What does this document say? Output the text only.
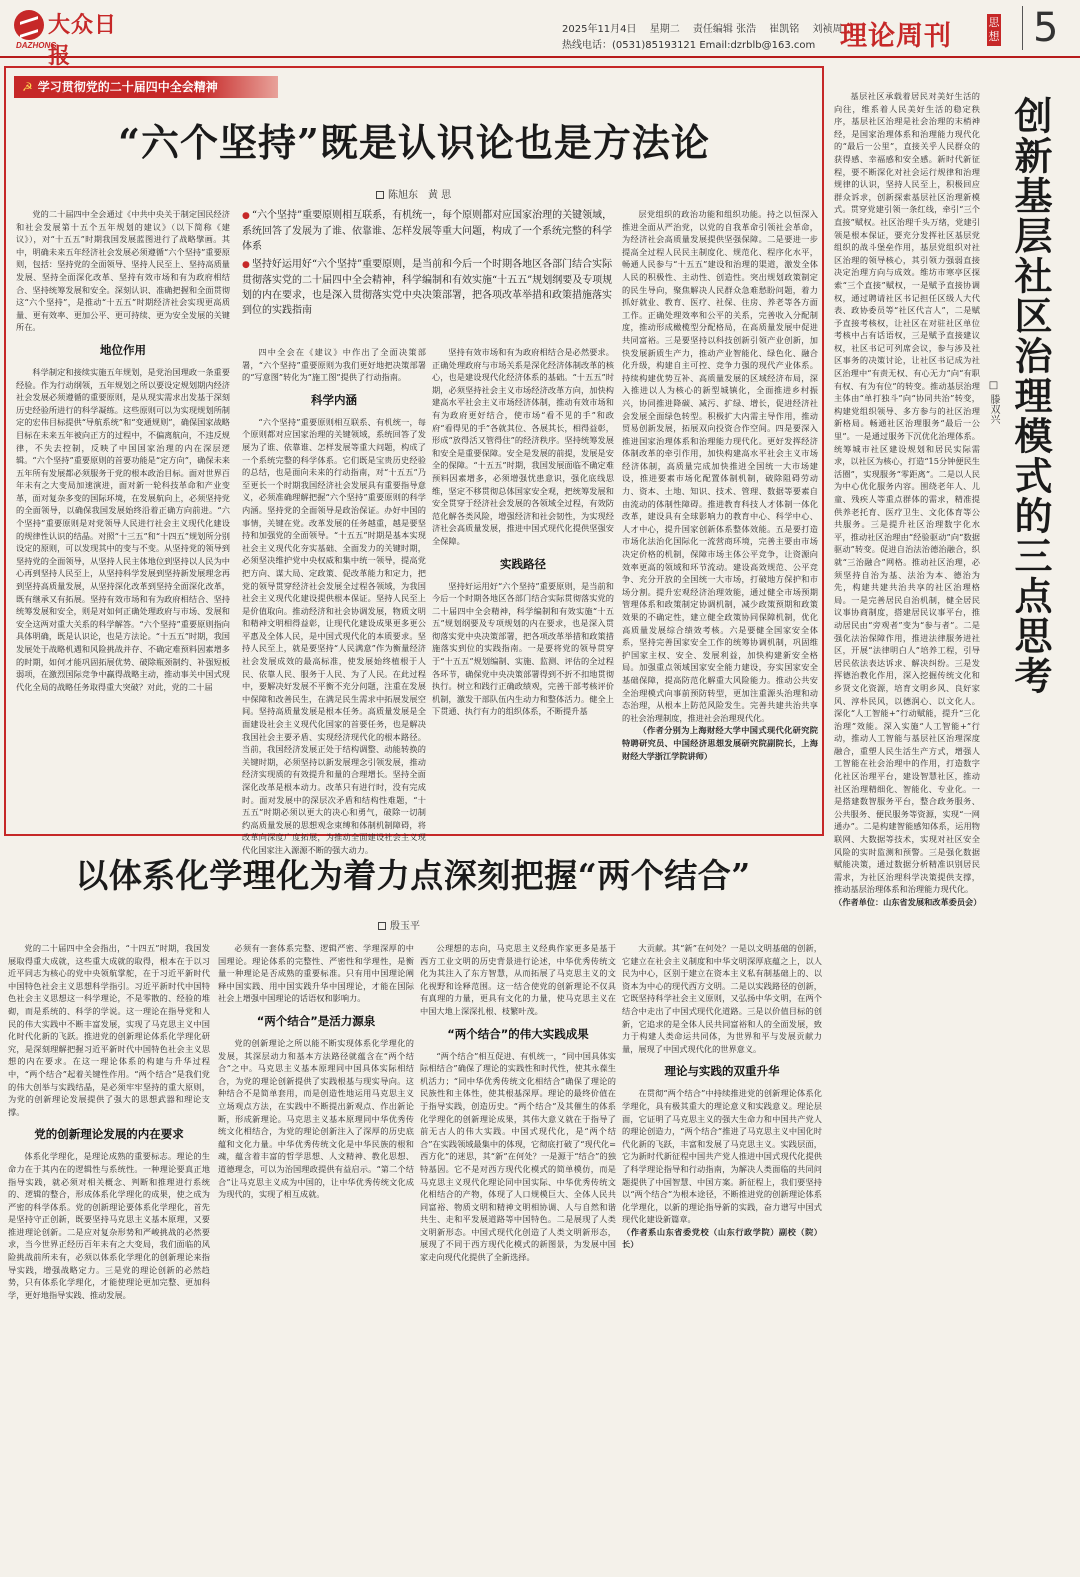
大众日报
DAZHONG
2025年11月4日 星期二 责任编辑 张浩 崔凯铭 刘祯周
热线电话：(0531)85193121 Email:dzrblb@163.com 理论周刊	思想 5
☭ 学习贯彻党的二十届四中全会精神
“六个坚持”既是认识论也是方法论
陈旭东　黄 思

● “六个坚持”重要原则相互联系，有机统一，每个原则都对应国家治理的关键领域，系统回答了发展为了谁、依靠谁、怎样发展等重大问题，构成了一个系统完整的科学体系

● 坚持好运用好“六个坚持”重要原则，是当前和今后一个时期各地区各部门结合实际贯彻落实党的二十届四中全会精神，科学编制和有效实施“十五五”规划纲要及专项规划的内在要求，也是深入贯彻落实党中央决策部署，把各项改革举措和政策措施落实到位的实践指南

党的二十届四中全会通过《中共中央关于制定国民经济和社会发展第十五个五年规划的建议》（以下简称《建议》），对“十五五”时期我国发展蓝图进行了战略擘画。其中，明确未来五年经济社会发展必须遵循“六个坚持”重要原则，包括：坚持党的全面领导、坚持人民至上、坚持高质量发展、坚持全面深化改革、坚持有效市场和有为政府相结合、坚持统筹发展和安全。深刻认识、准确把握和全面贯彻这“六个坚持”，是推动“十五五”时期经济社会实现更高质量、更有效率、更加公平、更可持续、更为安全发展的关键所在。

地位作用

科学制定和接续实施五年规划，是党治国理政一条重要经验。作为行动纲领，五年规划之所以要设定规划期内经济社会发展必须遵循的重要原则，是从现实需求出发基于深刻历史经验所进行的科学凝练。这些原则可以为实现规划所制定的宏伟目标提供“导航系统”和“变通规则”，确保国家战略目标在未来五年被向正方的过程中，不偏离航向，不违反规律，不失去控制，反映了中国国家治理的内在深层逻辑。“六个坚持”重要原则的首要功能是“定方向”，确保未来五年所有发展都必须服务于党的根本政治目标。面对世界百年未有之大变局加速演进，面对新一轮科技革命和产业变革，面对复杂多变的国际环境，在发展航向上，必须坚持党的全面领导，以确保我国发展始终沿着正确方向前进。“六个坚持”重要原则是对党领导人民进行社会主义现代化建设的规律性认识的结晶。对照“十三五”和“十四五”规划所分别设定的原则，可以发现其中的变与不变。从坚持党的领导到坚持党的全面领导，从坚持人民主体地位到坚持以人民为中心再到坚持人民至上，从坚持科学发展到坚持新发展理念再到坚持高质量发展，从坚持深化改革到坚持全面深化改革，既有继承又有拓展。坚持有效市场和有为政府相结合、坚持统筹发展和安全，则是对如何正确处理政府与市场、发展和安全这两对重大关系的科学解答。“六个坚持”重要原则指向具体明确，既是认识论，也是方法论。“十五五”时期，我国发展处于战略机遇和风险挑战并存、不确定难预料因素增多的时期，如何才能巩固拓展优势、破除瓶颈制约、补强短板弱项，在激烈国际竞争中赢得战略主动，推动事关中国式现代化全局的战略任务取得重大突破？对此，党的二十届

四中全会在《建议》中作出了全面决策部署，“六个坚持”重要原则为我们更好地把决策部署的“写意图”转化为“施工图”提供了行动指南。

科学内涵

“六个坚持”重要原则相互联系、有机统一，每个原则都对应国家治理的关键领域，系统回答了发展为了谁、依靠谁、怎样发展等重大问题，构成了一个系统完整的科学体系。它们既是宝贵历史经验的总结，也是面向未来的行动指南，对“十五五”乃至更长一个时期我国经济社会发展具有重要指导意义，必须准确理解把握“六个坚持”重要原则的科学内涵。坚持党的全面领导是政治保证。办好中国的事情，关键在党。改革发展的任务越重，越是要坚持和加强党的全面领导。“十五五”时期是基本实现社会主义现代化夯实基础、全面发力的关键时期，必须坚决维护党中央权威和集中统一领导，提高党把方向、谋大局、定政策、促改革能力和定力，把党的领导贯穿经济社会发展全过程各领域，为我国社会主义现代化建设提供根本保证。坚持人民至上是价值取向。推动经济和社会协调发展，物质文明和精神文明相得益彰，让现代化建设成果更多更公平惠及全体人民，是中国式现代化的本质要求。坚持人民至上，就是要坚持“人民满意”作为衡量经济社会发展成效的最高标准，使发展始终植根于人民、依靠人民、服务于人民、为了人民。在此过程中，要解决好发展不平衡不充分问题，注重在发展中保障和改善民生，在满足民生需求中拓展发展空间。坚持高质量发展是根本任务。高质量发展是全面建设社会主义现代化国家的首要任务，也是解决我国社会主要矛盾、实现经济现代化的根本路径。当前，我国经济发展正处于结构调整、动能转换的关键时期，必须坚持以新发展理念引领发展，推动经济实现质的有效提升和量的合理增长。坚持全面深化改革是根本动力。改革只有进行时，没有完成时。面对发展中的深层次矛盾和结构性难题，“十五五”时期必须以更大的决心和勇气，破除一切制约高质量发展的思想观念束缚和体制机制障碍，将改革向深度广度拓展，为推动全面建设社会主义现代化国家注入源源不断的强大动力。

坚持有效市场和有为政府相结合是必然要求。正确处理政府与市场关系是深化经济体制改革的核心，也是建设现代化经济体系的基础。“十五五”时期，必须坚持社会主义市场经济改革方向，加快构建高水平社会主义市场经济体制，推动有效市场和有为政府更好结合，使市场“看不见的手”和政府“看得见的手”各就其位、各展其长，相得益彰，形成“放得活又管得住”的经济秩序。坚持统筹发展和安全是重要保障。安全是发展的前提，发展是安全的保障。“十五五”时期，我国发展面临不确定难预料因素增多，必须增强忧患意识，强化底线思维，坚定不移贯彻总体国家安全观，把统筹发展和安全贯穿于经济社会发展的各领域全过程，有效防范化解各类风险，增强经济和社会韧性，为实现经济社会高质量发展，推进中国式现代化提供坚强安全保障。

实践路径

坚持好运用好“六个坚持”重要原则，是当前和今后一个时期各地区各部门结合实际贯彻落实党的二十届四中全会精神，科学编制和有效实施“十五五”规划纲要及专项规划的内在要求，也是深入贯彻落实党中央决策部署，把各项改革举措和政策措施落实到位的实践指南。一是要将党的领导贯穿于“十五五”规划编制、实施、监测、评估的全过程各环节，确保党中央决策部署得到不折不扣地贯彻执行。树立和践行正确政绩观，完善干部考核评价机制，激发干部队伍内生动力和整体活力。健全上下贯通、执行有力的组织体系，不断提升基

层党组织的政治功能和组织功能。持之以恒深入推进全面从严治党，以党的自我革命引领社会革命，为经济社会高质量发展提供坚强保障。二是要进一步提高全过程人民民主制度化、规范化、程序化水平，畅通人民参与“十五五”建设和治理的渠道，激发全体人民的积极性、主动性、创造性。突出规划政策制定的民生导向，聚焦解决人民群众急难愁盼问题，着力抓好就业、教育、医疗、社保、住房、养老等各方面工作。正确处理效率和公平的关系，完善收入分配制度，推动形成橄榄型分配格局，在高质量发展中促进共同富裕。三是要坚持以科技创新引领产业创新，加快发展新质生产力，推动产业智能化、绿色化、融合化升级，构建自主可控、竞争力强的现代产业体系。持续构建优势互补、高质量发展的区域经济布局，深入推进以人为核心的新型城镇化，全面推进乡村振兴，协同推进降碳、减污、扩绿、增长，促进经济社会发展全面绿色转型。积极扩大内需主导作用，推动贸易创新发展，拓展双向投资合作空间。四是要深入推进国家治理体系和治理能力现代化。更好发挥经济体制改革的牵引作用，加快构建高水平社会主义市场经济体制，高质量完成加快推进全国统一大市场建设，推进要素市场化配置体制机制，破除阻碍劳动力、资本、土地、知识、技术、管理、数据等要素自由流动的体制性障碍。推进教育科技人才体制一体化改革，建设具有全球影响力的教育中心、科学中心、人才中心，提升国家创新体系整体效能。五是要打造市场化法治化国际化一流营商环境，完善主要由市场决定价格的机制，保障市场主体公平竞争，让资源向效率更高的领域和环节流动。建设高效规范、公平竞争、充分开放的全国统一大市场，打破地方保护和市场分割。提升宏观经济治理效能，通过健全市场预期管理体系和政策制定协调机制，减少政策预期和政策效果的不确定性，建立健全政策协同保障机制，优化高质量发展综合绩效考核。六是要健全国家安全体系，坚持完善国家安全工作的统筹协调机制，巩固维护国家主权、安全、发展利益，加快构建新安全格局。加强重点领域国家安全能力建设，夯实国家安全基础保障，提高防范化解重大风险能力。推动公共安全治理模式向事前预防转型，更加注重源头治理和动态治理，从根本上防范风险发生。完善共建共治共享的社会治理制度，推进社会治理现代化。

（作者分别为上海财经大学中国式现代化研究院特聘研究员、中国经济思想发展研究院副院长，上海财经大学浙江学院讲师）

基层社区承载着居民对美好生活的向往，维系着人民美好生活的稳定秩序，基层社区治理是社会治理的末梢神经，是国家治理体系和治理能力现代化的“最后一公里”，直接关乎人民群众的获得感、幸福感和安全感。新时代新征程，要不断深化对社会运行规律和治理规律的认识，坚持人民至上，积极回应群众诉求，创新探索基层社区治理新模式。贯穿党建引领一条红线，牵引“三个直接”赋权。社区治理千头万绪，党建引领是根本保证，要充分发挥社区基层党组织的战斗堡垒作用，基层党组织对社区治理的领导核心，其引领力强弱直接决定治理方向与成效。维坊市寒亭区探索“三个直接”赋权，一是赋予直接协调权，通过聘请社区书记担任区级人大代表、政协委员等“社区代言人”，二是赋予直接考核权，让社区在对驻社区单位考核中占有话语权，三是赋予直接建议权，社区书记可列席会议，参与涉及社区事务的决策讨论，让社区书记成为社区治理中“有责无权、有心无力”向“有职有权、有为有位”的转变。推动基层治理主体由“单打独斗”向“协同共治”转变，构建党组织领导、多方参与的社区治理新格局。畅通社区治理服务“最后一公里”。一是通过服务下沉优化治理体系。统筹城市社区建设规划和居民实际需求，以社区为核心，打造“15分钟便民生活圈”，实现服务“零距离”。二是以人民为中心优化服务内容。围绕老年人、儿童、残疾人等重点群体的需求，精准提供养老托育、医疗卫生、文化体育等公共服务。三是提升社区治理数字化水平，推动社区治理由“经验驱动”向“数据驱动”转变。促进自治法治德治融合，织就“三治融合”网格。推动社区治理，必须坚持自治为基、法治为本、德治为先，构建共建共治共享的社区治理格局。一是完善居民自治机制，健全居民议事协商制度，搭建居民议事平台，推动居民由“旁观者”变为“参与者”。二是强化法治保障作用，推进法律服务进社区，开展“法律明白人”培养工程，引导居民依法表达诉求、解决纠纷。三是发挥德治教化作用，深入挖掘传统文化和乡贤文化资源，培育文明乡风、良好家风、淳朴民风，以德润心、以文化人。深化“人工智能+”行动赋能，提升“三化治理”效能。深入实施“人工智能+”行动，推动人工智能与基层社区治理深度融合，重塑人民生活生产方式，增强人工智能在社会治理中的作用，打造数字化社区治理平台，建设智慧社区，推动社区治理精细化、智能化、专业化。一是搭建数智服务平台，整合政务服务、公共服务、便民服务等资源，实现“一网通办”。二是构建智能感知体系，运用物联网、大数据等技术，实现对社区安全风险的实时监测和预警。三是强化数据赋能决策，通过数据分析精准识别居民需求，为社区治理科学决策提供支撑，推动基层治理体系和治理能力现代化。

（作者单位：山东省发展和改革委员会）

创新基层社区治理模式的三点思考
□ 滕双兴
以体系化学理化为着力点深刻把握“两个结合”
殷玉平

党的二十届四中全会指出，“十四五”时期，我国发展取得重大成就，这些重大成就的取得，根本在于以习近平同志为核心的党中央领航掌舵，在于习近平新时代中国特色社会主义思想科学指引。习近平新时代中国特色社会主义思想这一科学理论，不是零散的、经验的堆砌，而是系统的、科学的学说。这一理论在指导党和人民的伟大实践中不断丰富发展，实现了马克思主义中国化时代化新的飞跃。推进党的创新理论体系化学理化研究，是深刻理解把握习近平新时代中国特色社会主义思想的内在要求。在这一理论体系的构建与升华过程中，“两个结合”起着关键性作用。“两个结合”是我们党的伟大创举与实践结晶，是必须牢牢坚持的重大原则，为党的创新理论发展提供了强大的思想武器和理论支撑。

党的创新理论发展的内在要求

体系化学理化，是理论成熟的重要标志。理论的生命力在于其内在的逻辑性与系统性。一种理论要真正地指导实践，就必须对相关概念、判断和推理进行系统的、逻辑的整合，形成体系化学理化的成果，使之成为严密的科学体系。党的创新理论要体系化学理化，首先是坚持守正创新，既要坚持马克思主义基本原理，又要推进理论创新。二是应对复杂形势和严峻挑战的必然要求，当今世界正经历百年未有之大变局，我们面临的风险挑战前所未有，必须以体系化学理化的创新理论来指导实践，增强战略定力。三是党的理论创新的必然趋势，只有体系化学理化，才能使理论更加完整、更加科学，更好地指导实践、推动发展。

必须有一套体系完整、逻辑严密、学理深厚的中国理论。理论体系的完整性、严密性和学理性，是衡量一种理论是否成熟的重要标准。只有用中国理论阐释中国实践、用中国实践升华中国理论，才能在国际社会上增强中国理论的话语权和影响力。

“两个结合”是活力源泉

党的创新理论之所以能不断实现体系化学理化的发展，其深层动力和基本方法路径就蕴含在“两个结合”之中。马克思主义基本原理同中国具体实际相结合，为党的理论创新提供了实践根基与现实导向。这种结合不是简单套用，而是创造性地运用马克思主义立场观点方法，在实践中不断提出新观点、作出新论断，形成新理论。马克思主义基本原理同中华优秀传统文化相结合，为党的理论创新注入了深厚的历史底蕴和文化力量。中华优秀传统文化是中华民族的根和魂，蕴含着丰富的哲学思想、人文精神、教化思想、道德理念，可以为治国理政提供有益启示。“第二个结合”让马克思主义成为中国的，让中华优秀传统文化成为现代的，实现了相互成就。

公理想的志向，马克思主义经典作家更多是基于西方工业文明的历史背景进行论述，中华优秀传统文化为其注入了东方智慧，从而拓展了马克思主义的文化视野和诠释范围。这一结合使党的创新理论不仅具有真理的力量，更具有文化的力量，使马克思主义在中国大地上深深扎根、枝繁叶茂。

“两个结合”的伟大实践成果

“两个结合”相互促进、有机统一，“同中国具体实际相结合”确保了理论的实践性和时代性，使其永葆生机活力；“同中华优秀传统文化相结合”确保了理论的民族性和主体性，使其根基深厚。理论的最终价值在于指导实践，创造历史。“两个结合”及其催生的体系化学理化的创新理论成果，其伟大意义就在于指导了前无古人的伟大实践。中国式现代化，是“两个结合”在实践领域最集中的体现，它彻底打破了“现代化=西方化”的迷思，其“新”在何处？一是源于“结合”的独特基因。它不是对西方现代化模式的简单模仿，而是马克思主义现代化理论同中国实际、中华优秀传统文化相结合的产物，体现了人口规模巨大、全体人民共同富裕、物质文明和精神文明相协调、人与自然和谐共生、走和平发展道路等中国特色。二是展现了人类文明新形态。中国式现代化创造了人类文明新形态，展现了不同于西方现代化模式的新图景，为发展中国家走向现代化提供了全新选择。

大贡献。其“新”在何处？一是以文明基础的创新，它建立在社会主义制度和中华文明深厚底蕴之上，以人民为中心，区别于建立在资本主义私有制基础上的、以资本为中心的现代西方文明。二是以实践路径的创新，它既坚持科学社会主义原则，又弘扬中华文明，在两个结合中走出了中国式现代化道路。三是以价值目标的创新，它追求的是全体人民共同富裕和人的全面发展，致力于构建人类命运共同体，为世界和平与发展贡献力量，展现了中国式现代化的世界意义。

理论与实践的双重升华

在贯彻“两个结合”中持续推进党的创新理论体系化学理化，具有极其重大的理论意义和实践意义。理论层面，它证明了马克思主义的强大生命力和中国共产党人的理论创造力，“两个结合”推进了马克思主义中国化时代化新的飞跃，丰富和发展了马克思主义。实践层面，它为新时代新征程中国共产党人推进中国式现代化提供了科学理论指导和行动指南，为解决人类面临的共同问题提供了中国智慧、中国方案。新征程上，我们要坚持以“两个结合”为根本途径，不断推进党的创新理论体系化学理化，以新的理论指导新的实践，奋力谱写中国式现代化建设新篇章。

（作者系山东省委党校（山东行政学院）副校（院）长）
